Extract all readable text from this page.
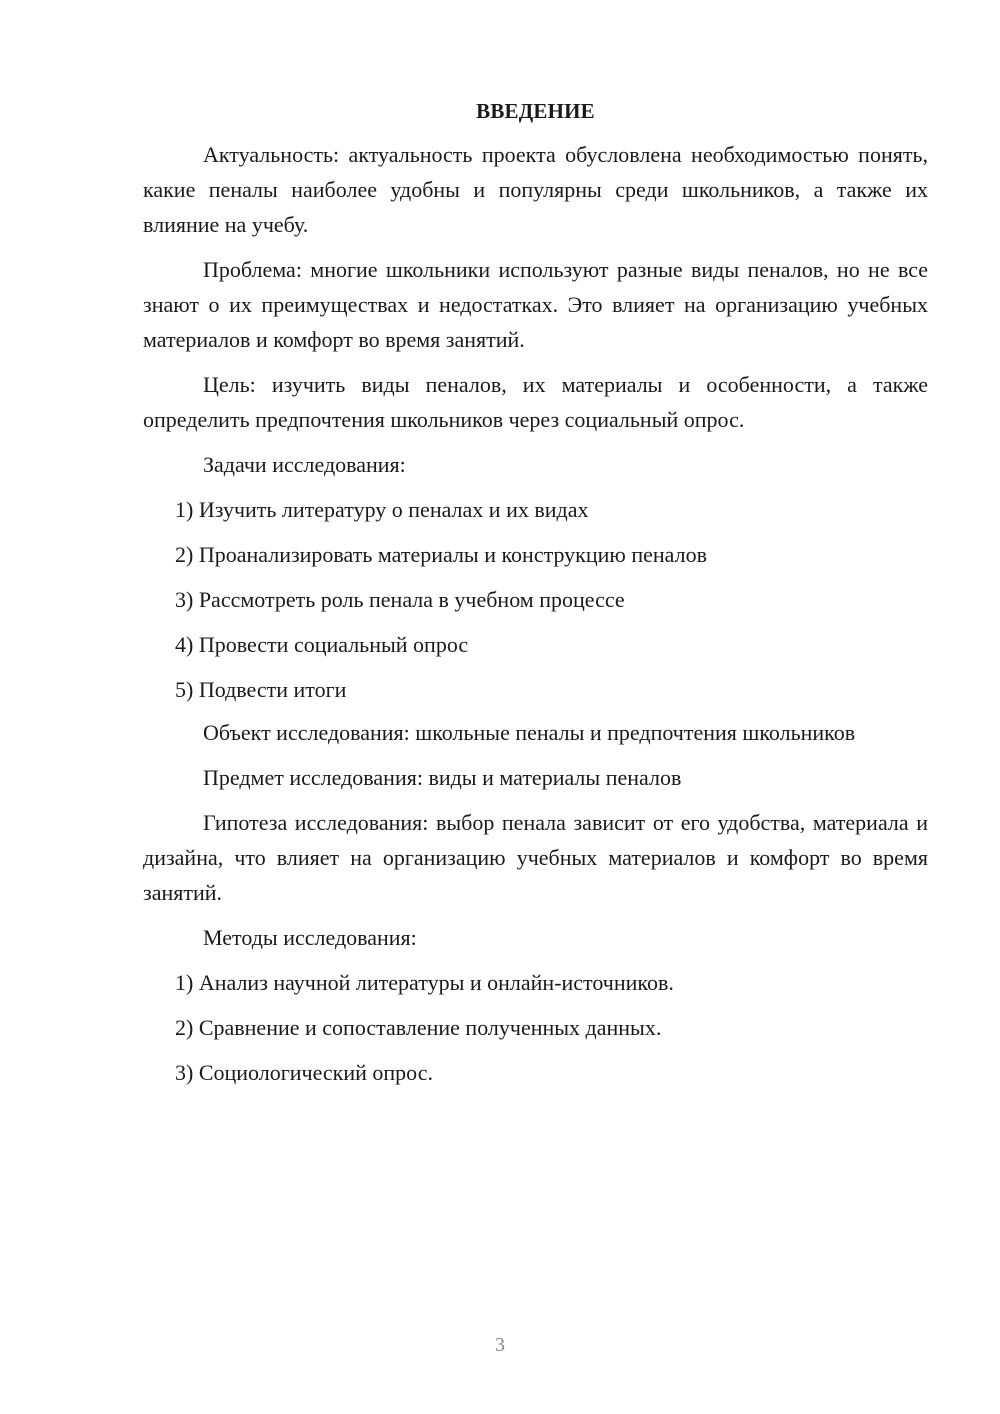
ВВЕДЕНИЕ

Актуальность: актуальность проекта обусловлена необходимостью понять, какие пеналы наиболее удобны и популярны среди школьников, а также их влияние на учебу.

Проблема: многие школьники используют разные виды пеналов, но не все знают о их преимуществах и недостатках. Это влияет на организацию учебных материалов и комфорт во время занятий.

Цель: изучить виды пеналов, их материалы и особенности, а также определить предпочтения школьников через социальный опрос.

Задачи исследования:

1) Изучить литературу о пеналах и их видах
2) Проанализировать материалы и конструкцию пеналов
3) Рассмотреть роль пенала в учебном процессе
4) Провести социальный опрос
5) Подвести итоги

Объект исследования: школьные пеналы и предпочтения школьников

Предмет исследования: виды и материалы пеналов

Гипотеза исследования: выбор пенала зависит от его удобства, материала и дизайна, что влияет на организацию учебных материалов и комфорт во время занятий.

Методы исследования:

1) Анализ научной литературы и онлайн-источников.
2) Сравнение и сопоставление полученных данных.
3) Социологический опрос.
3
